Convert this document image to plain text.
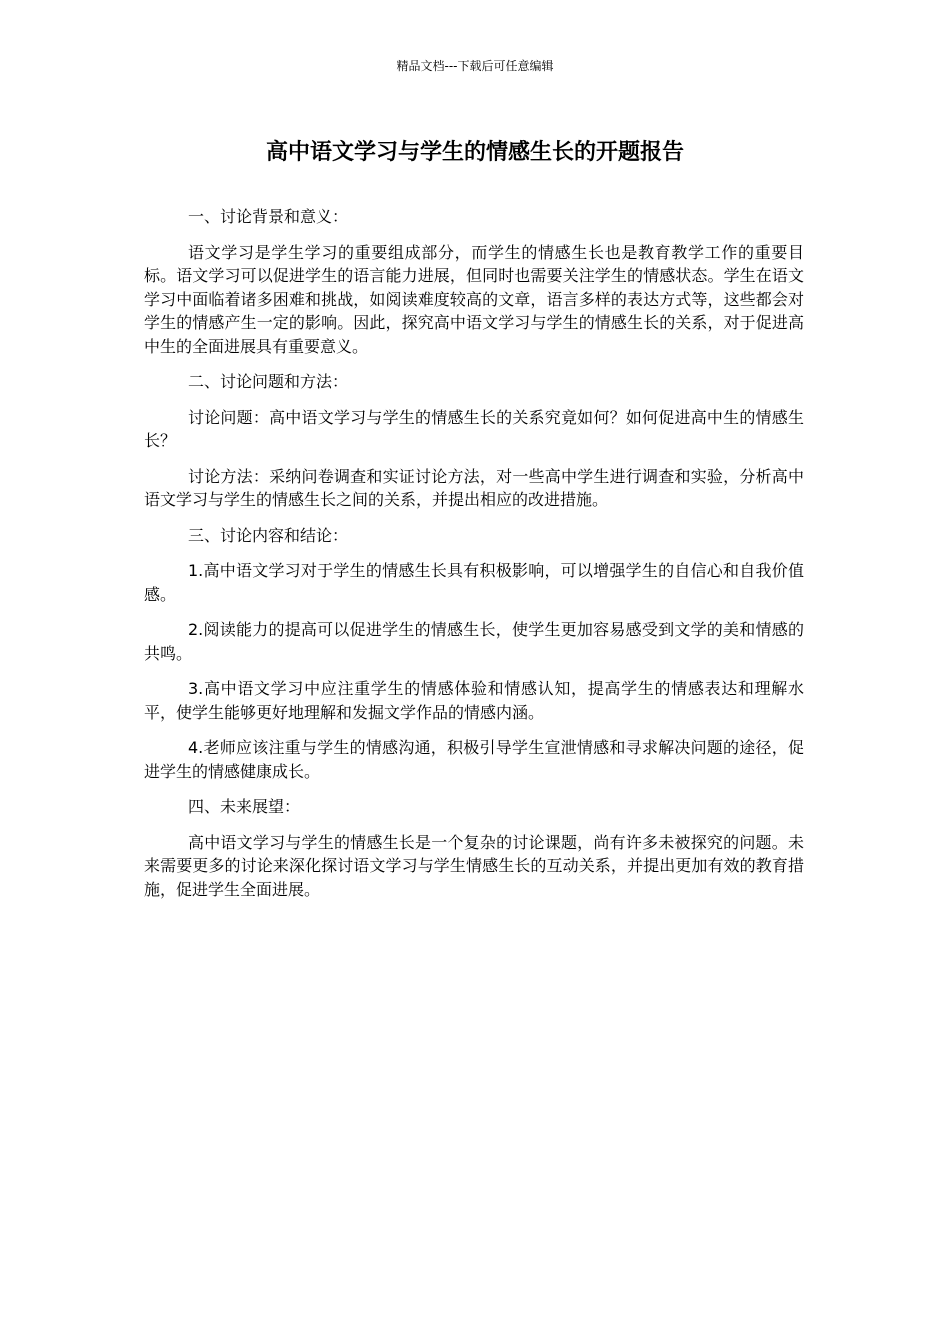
精品文档---下载后可任意编辑
高中语文学习与学生的情感生长的开题报告

一、讨论背景和意义：

语文学习是学生学习的重要组成部分，而学生的情感生长也是教育教学工作的重要目标。语文学习可以促进学生的语言能力进展，但同时也需要关注学生的情感状态。学生在语文学习中面临着诸多困难和挑战，如阅读难度较高的文章，语言多样的表达方式等，这些都会对学生的情感产生一定的影响。因此，探究高中语文学习与学生的情感生长的关系，对于促进高中生的全面进展具有重要意义。

二、讨论问题和方法：

讨论问题：高中语文学习与学生的情感生长的关系究竟如何？如何促进高中生的情感生长？

讨论方法：采纳问卷调查和实证讨论方法，对一些高中学生进行调查和实验，分析高中语文学习与学生的情感生长之间的关系，并提出相应的改进措施。

三、讨论内容和结论：

1.高中语文学习对于学生的情感生长具有积极影响，可以增强学生的自信心和自我价值感。

2.阅读能力的提高可以促进学生的情感生长，使学生更加容易感受到文学的美和情感的共鸣。

3.高中语文学习中应注重学生的情感体验和情感认知，提高学生的情感表达和理解水平，使学生能够更好地理解和发掘文学作品的情感内涵。

4.老师应该注重与学生的情感沟通，积极引导学生宣泄情感和寻求解决问题的途径，促进学生的情感健康成长。

四、未来展望：

高中语文学习与学生的情感生长是一个复杂的讨论课题，尚有许多未被探究的问题。未来需要更多的讨论来深化探讨语文学习与学生情感生长的互动关系，并提出更加有效的教育措施，促进学生全面进展。
